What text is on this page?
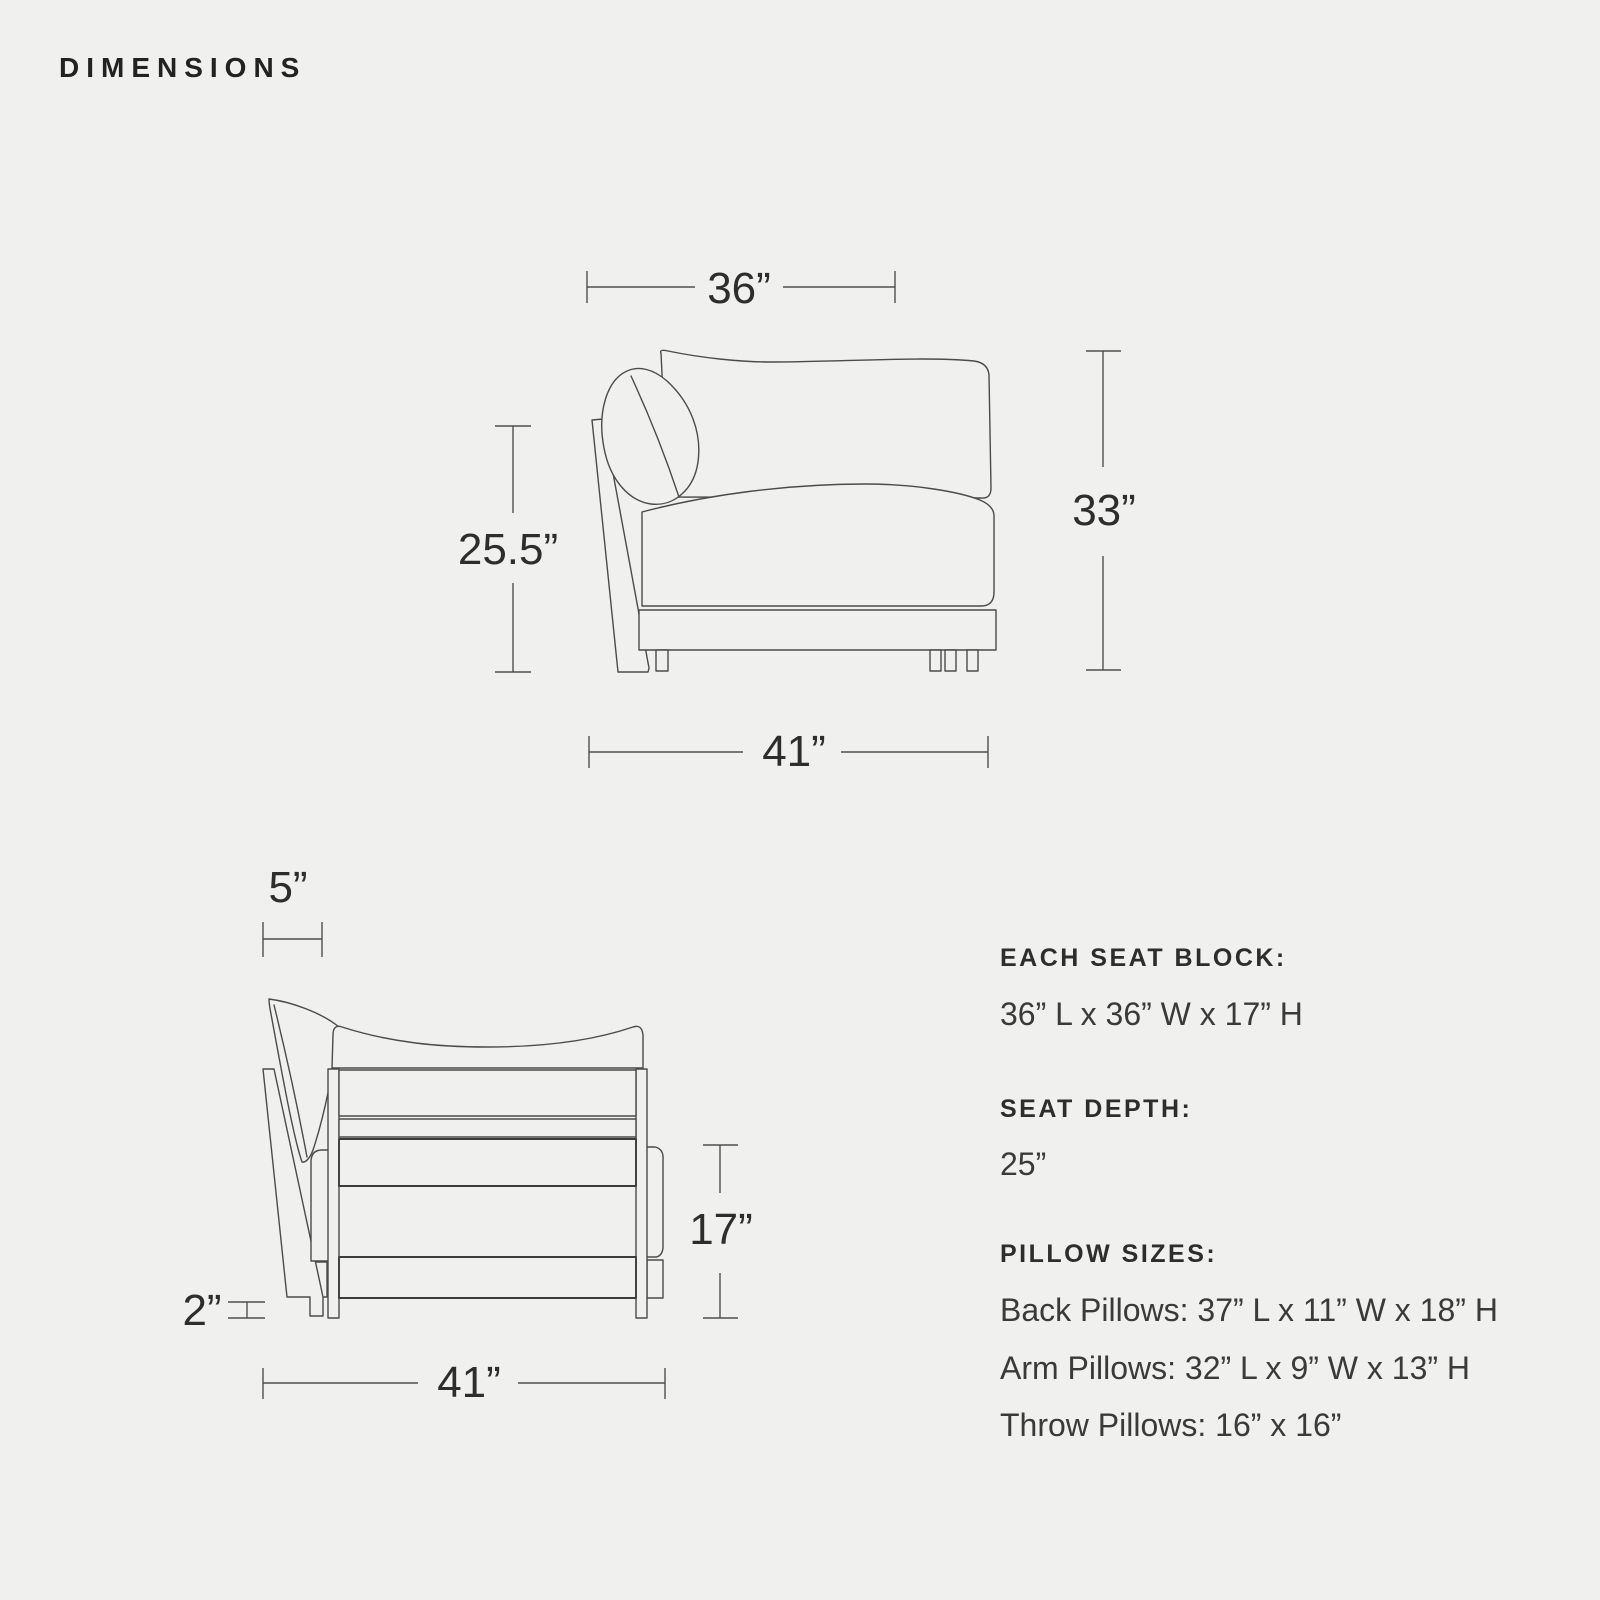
DIMENSIONS
36”
25.5”
33”
41”
5”
2”
17”
41”
EACH SEAT BLOCK:
36” L x 36” W x 17” H
SEAT DEPTH:
25”
PILLOW SIZES:
Back Pillows: 37” L x 11” W x 18” H
Arm Pillows: 32” L x 9” W x 13” H
Throw Pillows: 16” x 16”
